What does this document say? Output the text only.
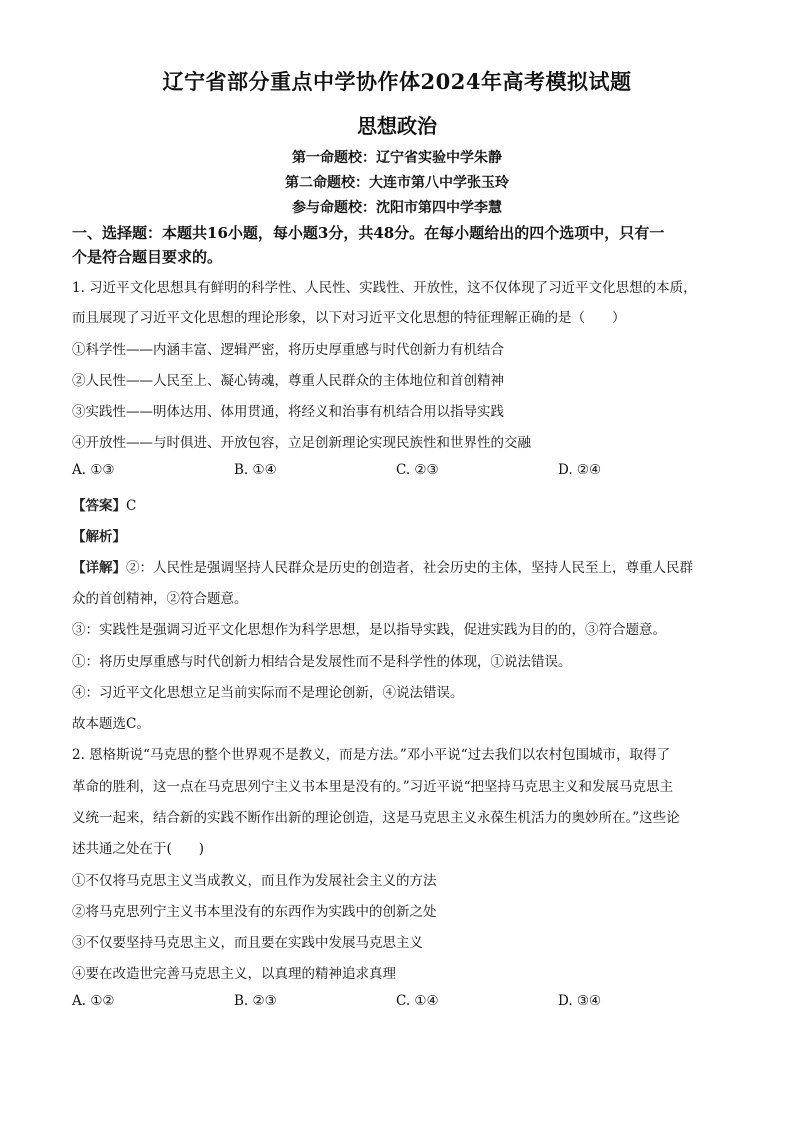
辽宁省部分重点中学协作体2024年高考模拟试题
思想政治
第一命题校：辽宁省实验中学朱静
第二命题校：大连市第八中学张玉玲
参与命题校：沈阳市第四中学李慧
一、选择题：本题共16小题，每小题3分，共48分。在每小题给出的四个选项中，只有一
个是符合题目要求的。
1. 习近平文化思想具有鲜明的科学性、人民性、实践性、开放性，这不仅体现了习近平文化思想的本质，
而且展现了习近平文化思想的理论形象，以下对习近平文化思想的特征理解正确的是（　　）
①科学性——内涵丰富、逻辑严密，将历史厚重感与时代创新力有机结合
②人民性——人民至上、凝心铸魂，尊重人民群众的主体地位和首创精神
③实践性——明体达用、体用贯通，将经义和治事有机结合用以指导实践
④开放性——与时俱进、开放包容，立足创新理论实现民族性和世界性的交融
A. ①③	B. ①④	C. ②③	D. ②④
【答案】C
【解析】
【详解】②：人民性是强调坚持人民群众是历史的创造者，社会历史的主体，坚持人民至上，尊重人民群
众的首创精神，②符合题意。
③：实践性是强调习近平文化思想作为科学思想，是以指导实践，促进实践为目的的，③符合题意。
①：将历史厚重感与时代创新力相结合是发展性而不是科学性的体现，①说法错误。
④：习近平文化思想立足当前实际而不是理论创新，④说法错误。
故本题选C。
2. 恩格斯说“马克思的整个世界观不是教义，而是方法。”邓小平说“过去我们以农村包围城市，取得了
革命的胜利，这一点在马克思列宁主义书本里是没有的。”习近平说“把坚持马克思主义和发展马克思主
义统一起来，结合新的实践不断作出新的理论创造，这是马克思主义永葆生机活力的奥妙所在。”这些论
述共通之处在于(　　)
①不仅将马克思主义当成教义，而且作为发展社会主义的方法
②将马克思列宁主义书本里没有的东西作为实践中的创新之处
③不仅要坚持马克思主义，而且要在实践中发展马克思主义
④要在改造世完善马克思主义，以真理的精神追求真理
A. ①②	B. ②③	C. ①④	D. ③④
